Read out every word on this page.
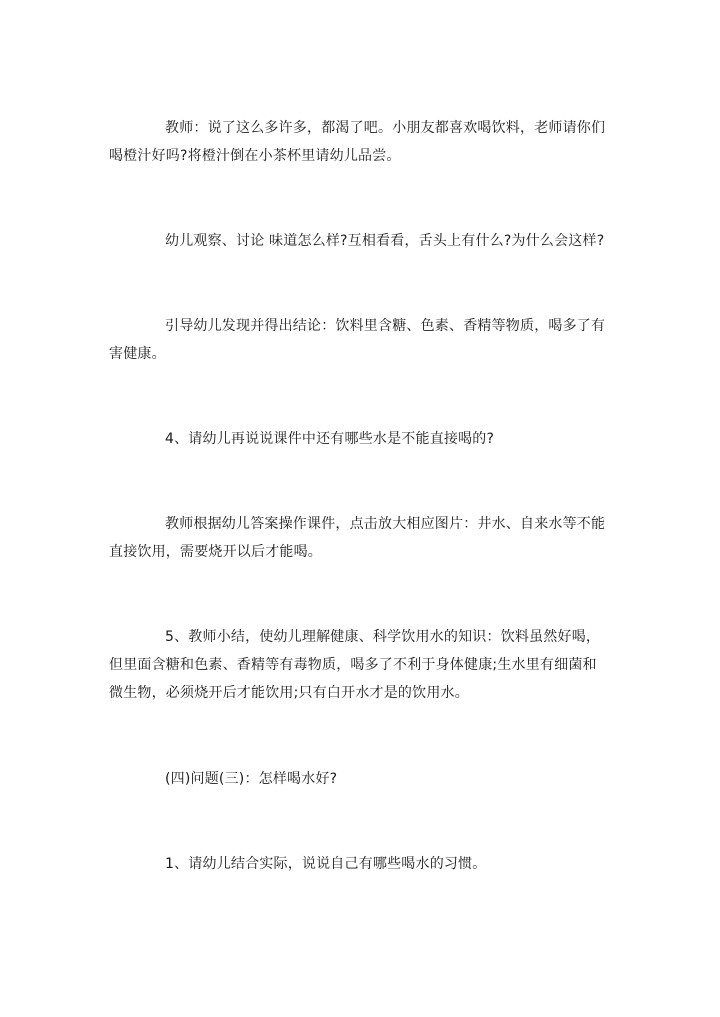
教师：说了这么多许多，都渴了吧。小朋友都喜欢喝饮料，老师请你们
喝橙汁好吗?将橙汁倒在小茶杯里请幼儿品尝。

幼儿观察、讨论 味道怎么样?互相看看，舌头上有什么?为什么会这样?

引导幼儿发现并得出结论：饮料里含糖、色素、香精等物质，喝多了有
害健康。

4、请幼儿再说说课件中还有哪些水是不能直接喝的?

教师根据幼儿答案操作课件，点击放大相应图片：井水、自来水等不能
直接饮用，需要烧开以后才能喝。

5、教师小结，使幼儿理解健康、科学饮用水的知识：饮料虽然好喝，
但里面含糖和色素、香精等有毒物质，喝多了不利于身体健康;生水里有细菌和
微生物，必须烧开后才能饮用;只有白开水才是的饮用水。

(四)问题(三)：怎样喝水好?

1、请幼儿结合实际，说说自己有哪些喝水的习惯。
